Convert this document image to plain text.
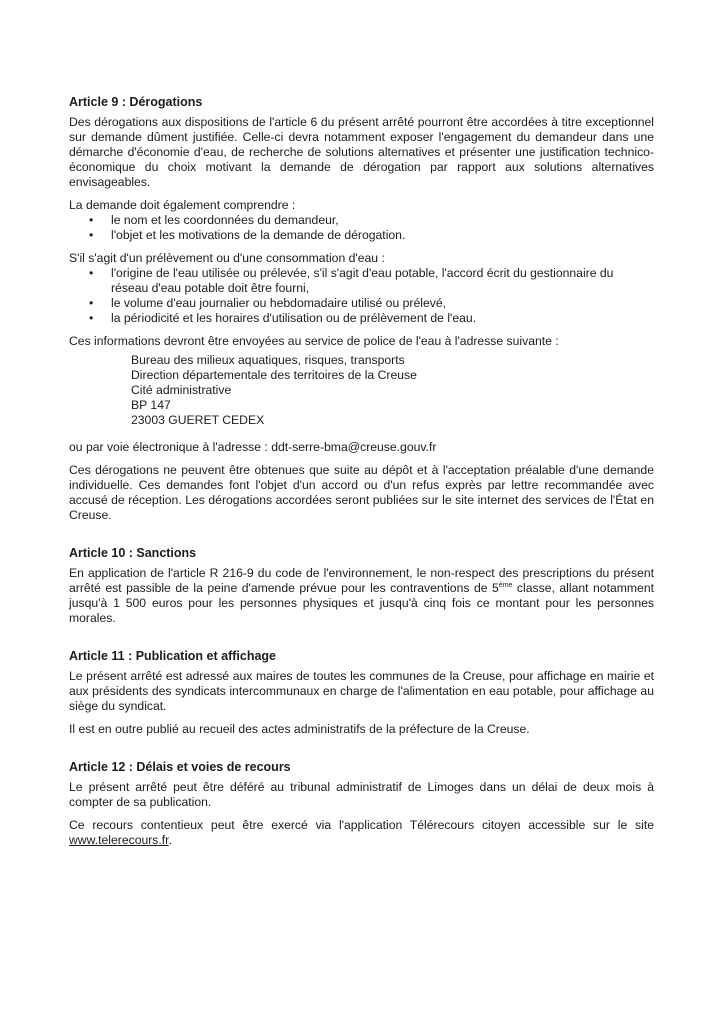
Article 9 : Dérogations

Des dérogations aux dispositions de l'article 6 du présent arrêté pourront être accordées à titre exceptionnel sur demande dûment justifiée. Celle-ci devra notamment exposer l'engagement du demandeur dans une démarche d'économie d'eau, de recherche de solutions alternatives et présenter une justification technico-économique du choix motivant la demande de dérogation par rapport aux solutions alternatives envisageables.

La demande doit également comprendre :

• le nom et les coordonnées du demandeur,
• l'objet et les motivations de la demande de dérogation.

S'il s'agit d'un prélèvement ou d'une consommation d'eau :

• l'origine de l'eau utilisée ou prélevée, s'il s'agit d'eau potable, l'accord écrit du gestionnaire du réseau d'eau potable doit être fourni,
• le volume d'eau journalier ou hebdomadaire utilisé ou prélevé,
• la périodicité et les horaires d'utilisation ou de prélèvement de l'eau.

Ces informations devront être envoyées au service de police de l'eau à l'adresse suivante :

Bureau des milieux aquatiques, risques, transports
Direction départementale des territoires de la Creuse
Cité administrative
BP 147
23003 GUERET CEDEX

ou par voie électronique à l'adresse : ddt-serre-bma@creuse.gouv.fr

Ces dérogations ne peuvent être obtenues que suite au dépôt et à l'acceptation préalable d'une demande individuelle. Ces demandes font l'objet d'un accord ou d'un refus exprès par lettre recommandée avec accusé de réception. Les dérogations accordées seront publiées sur le site internet des services de l'État en Creuse.

Article 10 : Sanctions

En application de l'article R 216-9 du code de l'environnement, le non-respect des prescriptions du présent arrêté est passible de la peine d'amende prévue pour les contraventions de 5ème classe, allant notamment jusqu'à 1 500 euros pour les personnes physiques et jusqu'à cinq fois ce montant pour les personnes morales.

Article 11 : Publication et affichage

Le présent arrêté est adressé aux maires de toutes les communes de la Creuse, pour affichage en mairie et aux présidents des syndicats intercommunaux en charge de l'alimentation en eau potable, pour affichage au siège du syndicat.

Il est en outre publié au recueil des actes administratifs de la préfecture de la Creuse.

Article 12 : Délais et voies de recours

Le présent arrêté peut être déféré au tribunal administratif de Limoges dans un délai de deux mois à compter de sa publication.

Ce recours contentieux peut être exercé via l'application Télérecours citoyen accessible sur le site www.telerecours.fr.
